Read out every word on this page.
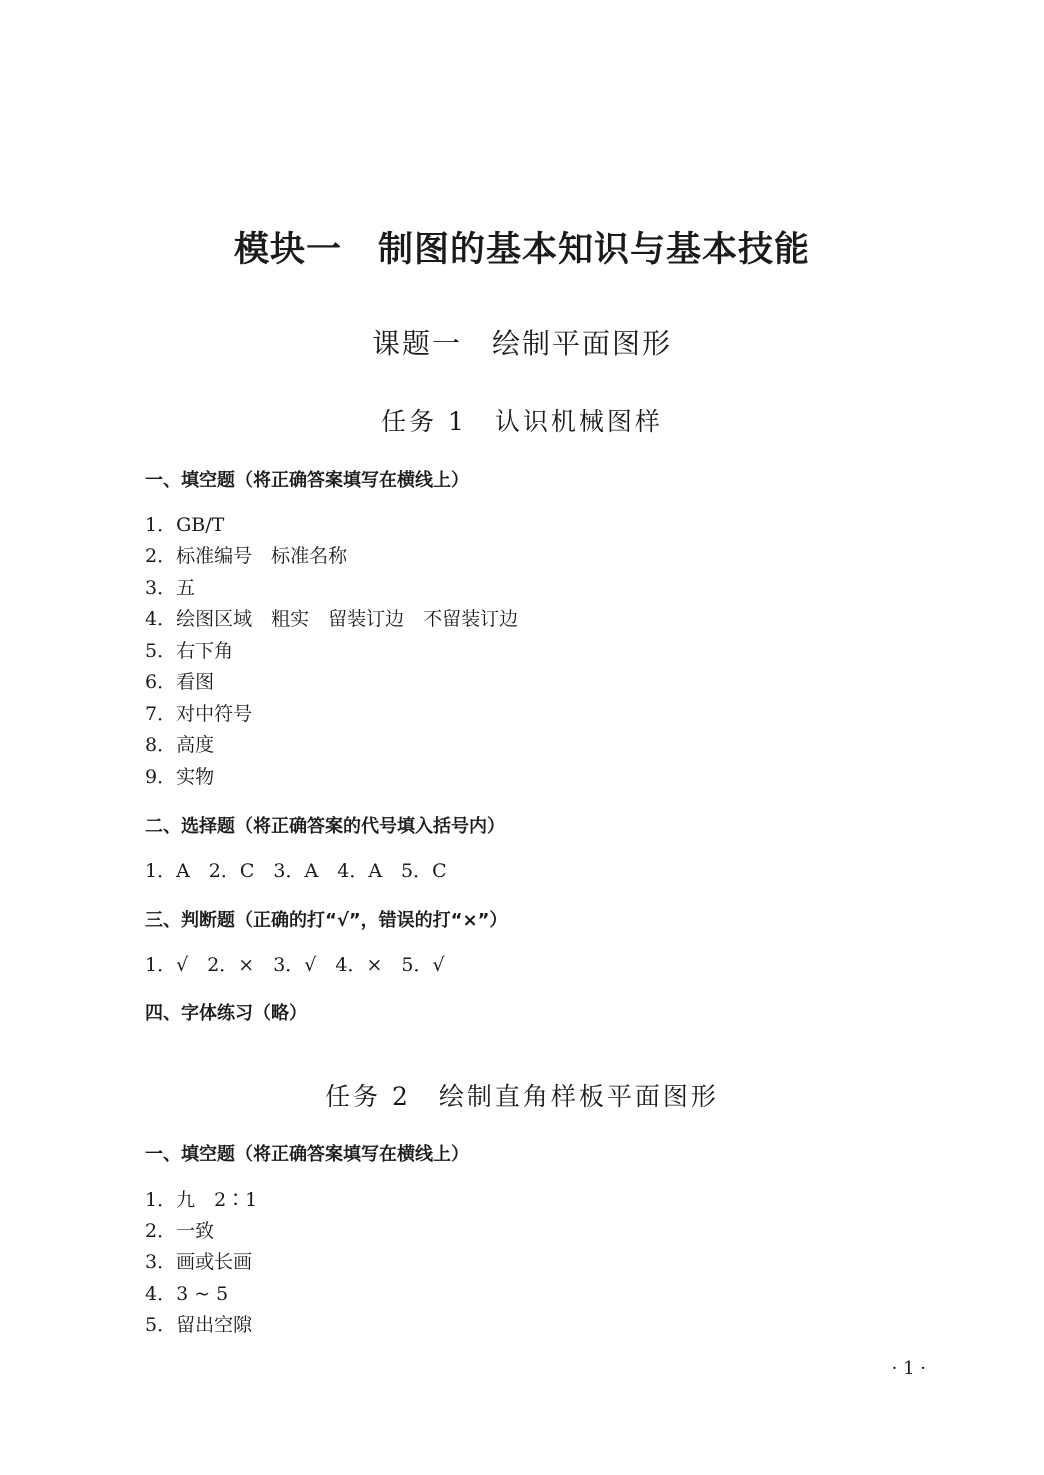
模块一　制图的基本知识与基本技能
课题一　绘制平面图形
任务 1　认识机械图样
一、填空题（将正确答案填写在横线上）
1．GB/T
2．标准编号　标准名称
3．五
4．绘图区域　粗实　留装订边　不留装订边
5．右下角
6．看图
7．对中符号
8．高度
9．实物
二、选择题（将正确答案的代号填入括号内）
1．A　2．C　3．A　4．A　5．C
三、判断题（正确的打“√”，错误的打“×”）
1．√　2．×　3．√　4．×　5．√
四、字体练习（略）
任务 2　绘制直角样板平面图形
一、填空题（将正确答案填写在横线上）
1．九　2∶1
2．一致
3．画或长画
4．3 ~ 5
5．留出空隙
· 1 ·
